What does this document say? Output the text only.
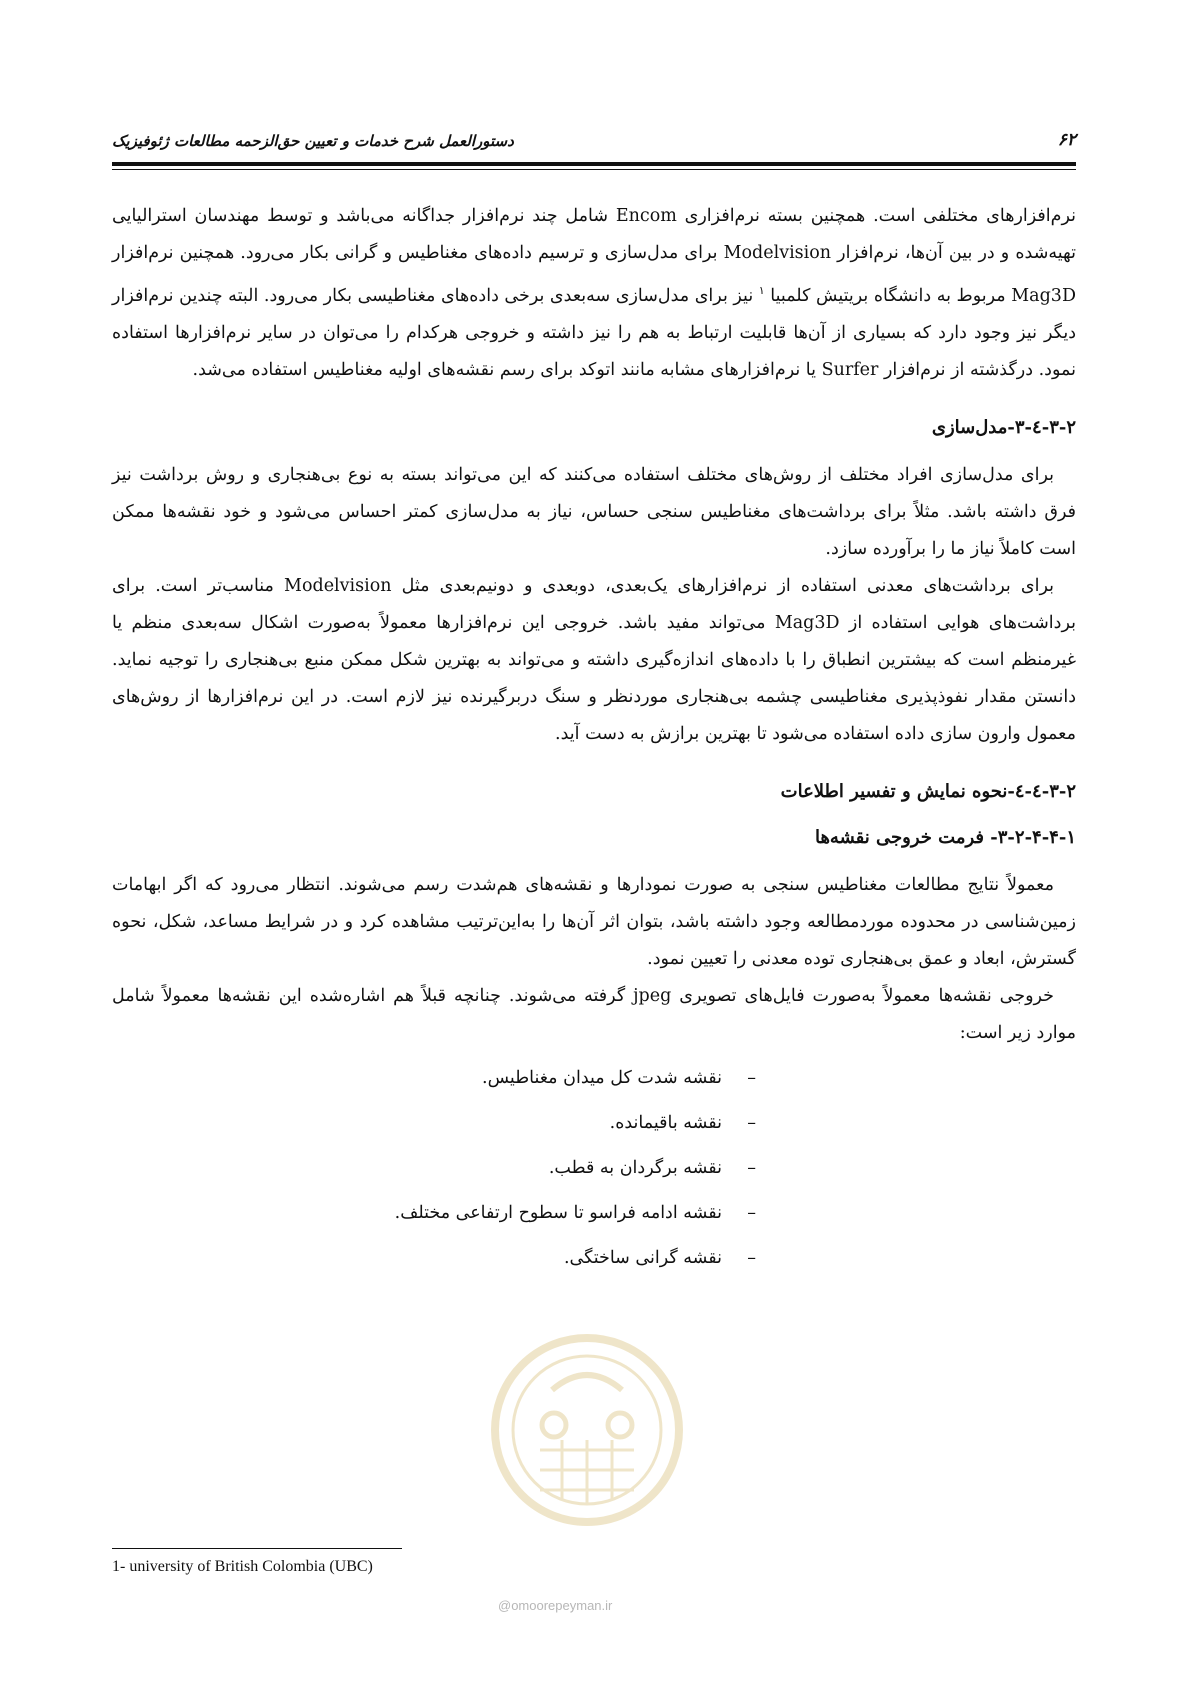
دستورالعمل شرح خدمات و تعیین حق‌الزحمه مطالعات ژئوفیزیک	۶۲
@omoorepeyman.ir

نرم‌افزارهای مختلفی است. همچنین بسته نرم‌افزاری Encom شامل چند نرم‌افزار جداگانه می‌باشد و توسط مهندسان استرالیایی تهیه‌شده و در بین آن‌ها، نرم‌افزار Modelvision برای مدل‌سازی و ترسیم داده‌های مغناطیس و گرانی بکار می‌رود. همچنین نرم‌افزار Mag3D مربوط به دانشگاه بریتیش کلمبیا $^۱$ نیز برای مدل‌سازی سه‌بعدی برخی داده‌های مغناطیسی بکار می‌رود. البته چندین نرم‌افزار دیگر نیز وجود دارد که بسیاری از آن‌ها قابلیت ارتباط به هم را نیز داشته و خروجی هرکدام را می‌توان در سایر نرم‌افزارها استفاده نمود. درگذشته از نرم‌افزار Surfer یا نرم‌افزارهای مشابه مانند اتوکد برای رسم نقشه‌های اولیه مغناطیس استفاده می‌شد.

۳-۲-٤-۳-مدل‌سازی

برای مدل‌سازی افراد مختلف از روش‌های مختلف استفاده می‌کنند که این می‌تواند بسته به نوع بی‌هنجاری و روش برداشت نیز فرق داشته باشد. مثلاً برای برداشت‌های مغناطیس سنجی حساس، نیاز به مدل‌سازی کمتر احساس می‌شود و خود نقشه‌ها ممکن است کاملاً نیاز ما را برآورده سازد.

برای برداشت‌های معدنی استفاده از نرم‌افزارهای یک‌بعدی، دوبعدی و دونیم‌بعدی مثل Modelvision مناسب‌تر است. برای برداشت‌های هوایی استفاده از Mag3D می‌تواند مفید باشد. خروجی این نرم‌افزارها معمولاً به‌صورت اشکال سه‌بعدی منظم یا غیرمنظم است که بیشترین انطباق را با داده‌های اندازه‌گیری داشته و می‌تواند به بهترین شکل ممکن منبع بی‌هنجاری را توجیه نماید. دانستن مقدار نفوذپذیری مغناطیسی چشمه بی‌هنجاری موردنظر و سنگ دربرگیرنده نیز لازم است. در این نرم‌افزارها از روش‌های معمول وارون سازی داده استفاده می‌شود تا بهترین برازش به دست آید.

۳-۲-٤-٤-نحوه نمایش و تفسیر اطلاعات
۳-۲-۴-۴-۱- فرمت خروجی نقشه‌ها

معمولاً نتایج مطالعات مغناطیس سنجی به صورت نمودارها و نقشه‌های هم‌شدت رسم می‌شوند. انتظار می‌رود که اگر ابهامات زمین‌شناسی در محدوده موردمطالعه وجود داشته باشد، بتوان اثر آن‌ها را به‌این‌ترتیب مشاهده کرد و در شرایط مساعد، شکل، نحوه گسترش، ابعاد و عمق بی‌هنجاری توده معدنی را تعیین نمود.

خروجی نقشه‌ها معمولاً به‌صورت فایل‌های تصویری jpeg گرفته می‌شوند. چنانچه قبلاً هم اشاره‌شده این نقشه‌ها معمولاً شامل موارد زیر است:

–نقشه شدت کل میدان مغناطیس.
–نقشه باقیمانده.
–نقشه برگردان به قطب.
–نقشه ادامه فراسو تا سطوح ارتفاعی مختلف.
–نقشه گرانی ساختگی.
1- university of British Colombia (UBC)
